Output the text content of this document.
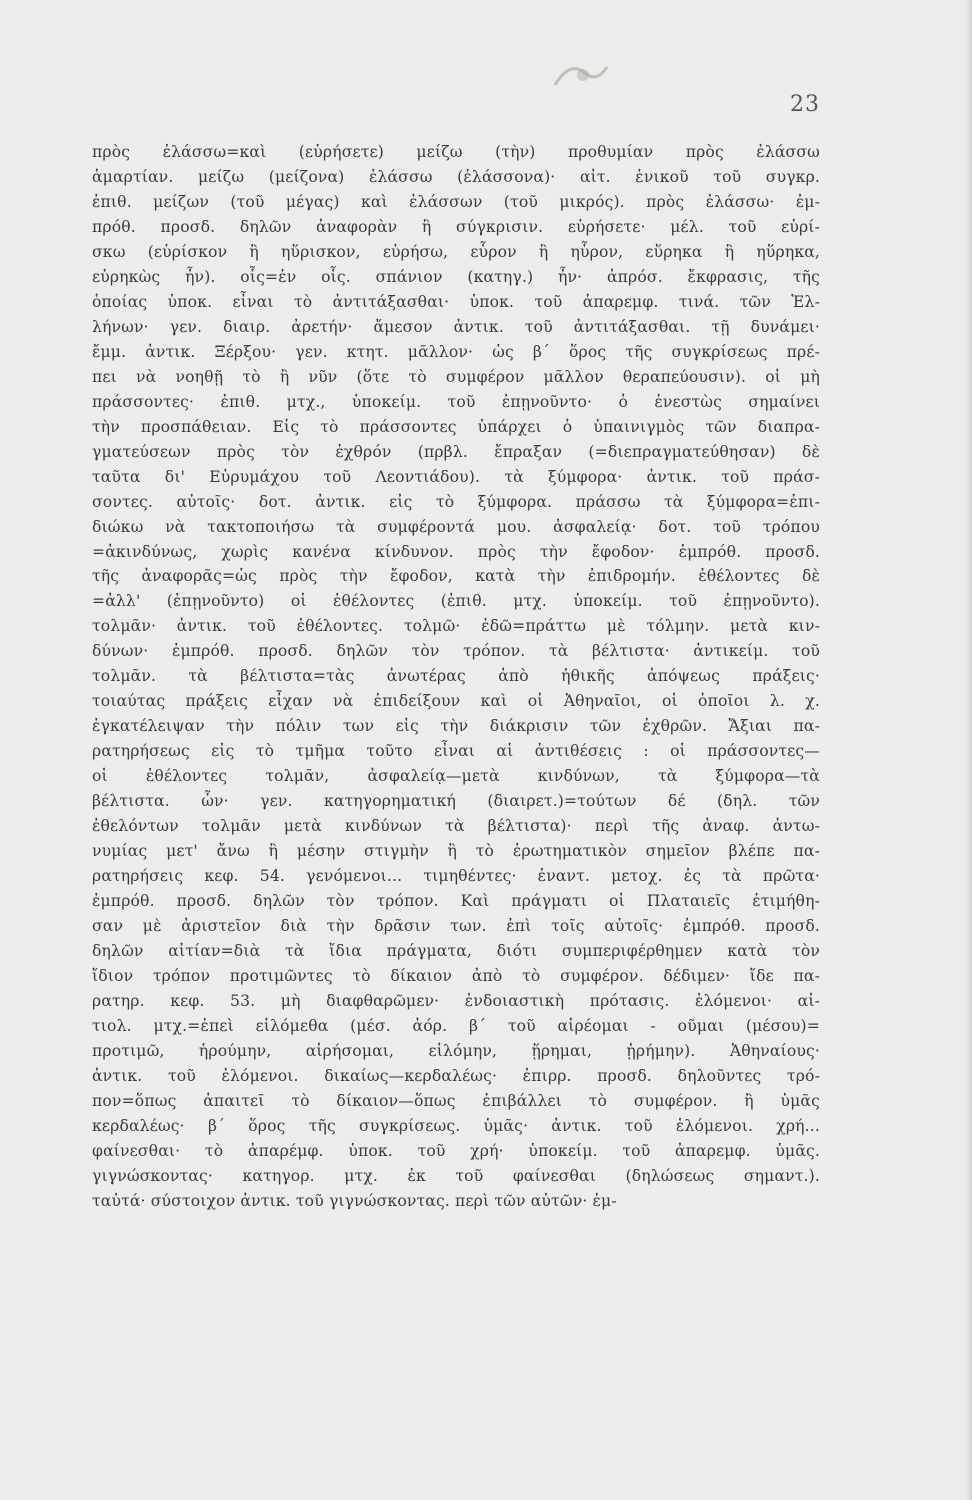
23
πρὸς ἐλάσσω=καὶ (εὑρήσετε) μείζω (τὴν) προθυμίαν πρὸς ἐλάσσω
ἁμαρτίαν. μείζω (μείζονα) ἐλάσσω (ἐλάσσονα)· αἰτ. ἑνικοῦ τοῦ συγκρ.
ἐπιθ. μείζων (τοῦ μέγας) καὶ ἐλάσσων (τοῦ μικρός). πρὸς ἐλάσσω· ἐμ-
πρόθ. προσδ. δηλῶν ἀναφορὰν ἢ σύγκρισιν. εὑρήσετε· μέλ. τοῦ εὑρί-
σκω (εὑρίσκον ἢ ηὕρισκον, εὑρήσω, εὗρον ἢ ηὗρον, εὕρηκα ἢ ηὕρηκα,
εὑρηκὼς ἦν). οἷς=ἐν οἷς. σπάνιον (κατηγ.) ἦν· ἀπρόσ. ἔκφρασις, τῆς
ὁποίας ὑποκ. εἶναι τὸ ἀντιτάξασθαι· ὑποκ. τοῦ ἀπαρεμφ. τινά. τῶν Ἑλ-
λήνων· γεν. διαιρ. ἀρετήν· ἄμεσον ἀντικ. τοῦ ἀντιτάξασθαι. τῇ δυνάμει·
ἔμμ. ἀντικ. Ξέρξου· γεν. κτητ. μᾶλλον· ὡς β΄ ὅρος τῆς συγκρίσεως πρέ-
πει νὰ νοηθῇ τὸ ἢ νῦν (ὅτε τὸ συμφέρον μᾶλλον θεραπεύουσιν). οἱ μὴ
πράσσοντες· ἐπιθ. μτχ., ὑποκείμ. τοῦ ἐπῃνοῦντο· ὁ ἐνεστὼς σημαίνει
τὴν προσπάθειαν. Εἰς τὸ πράσσοντες ὑπάρχει ὁ ὑπαινιγμὸς τῶν διαπρα-
γματεύσεων πρὸς τὸν ἐχθρόν (πρβλ. ἔπραξαν (=διεπραγματεύθησαν) δὲ
ταῦτα δι' Εὐρυμάχου τοῦ Λεοντιάδου). τὰ ξύμφορα· ἀντικ. τοῦ πράσ-
σοντες. αὐτοῖς· δοτ. ἀντικ. εἰς τὸ ξύμφορα. πράσσω τὰ ξύμφορα=ἐπι-
διώκω νὰ τακτοποιήσω τὰ συμφέροντά μου. ἀσφαλείᾳ· δοτ. τοῦ τρόπου
=ἀκινδύνως, χωρὶς κανένα κίνδυνον. πρὸς τὴν ἔφοδον· ἐμπρόθ. προσδ.
τῆς ἀναφορᾶς=ὡς πρὸς τὴν ἔφοδον, κατὰ τὴν ἐπιδρομήν. ἐθέλοντες δὲ
=ἀλλ' (ἐπῃνοῦντο) οἱ ἐθέλοντες (ἐπιθ. μτχ. ὑποκείμ. τοῦ ἐπῃνοῦντο).
τολμᾶν· ἀντικ. τοῦ ἐθέλοντες. τολμῶ· ἐδῶ=πράττω μὲ τόλμην. μετὰ κιν-
δύνων· ἐμπρόθ. προσδ. δηλῶν τὸν τρόπον. τὰ βέλτιστα· ἀντικείμ. τοῦ
τολμᾶν. τὰ βέλτιστα=τὰς ἀνωτέρας ἀπὸ ἠθικῆς ἀπόψεως πράξεις·
τοιαύτας πράξεις εἶχαν νὰ ἐπιδείξουν καὶ οἱ Ἀθηναῖοι, οἱ ὁποῖοι λ. χ.
ἐγκατέλειψαν τὴν πόλιν των εἰς τὴν διάκρισιν τῶν ἐχθρῶν. Ἄξιαι πα-
ρατηρήσεως εἰς τὸ τμῆμα τοῦτο εἶναι αἱ ἀντιθέσεις : οἱ πράσσοντες—
οἱ ἐθέλοντες τολμᾶν, ἀσφαλείᾳ—μετὰ κινδύνων, τὰ ξύμφορα—τὰ
βέλτιστα. ὧν· γεν. κατηγορηματική (διαιρετ.)=τούτων δέ (δηλ. τῶν
ἐθελόντων τολμᾶν μετὰ κινδύνων τὰ βέλτιστα)· περὶ τῆς ἀναφ. ἀντω-
νυμίας μετ' ἄνω ἢ μέσην στιγμὴν ἢ τὸ ἐρωτηματικὸν σημεῖον βλέπε πα-
ρατηρήσεις κεφ. 54. γενόμενοι... τιμηθέντες· ἐναντ. μετοχ. ἐς τὰ πρῶτα·
ἐμπρόθ. προσδ. δηλῶν τὸν τρόπον. Καὶ πράγματι οἱ Πλαταιεῖς ἐτιμήθη-
σαν μὲ ἀριστεῖον διὰ τὴν δρᾶσιν των. ἐπὶ τοῖς αὐτοῖς· ἐμπρόθ. προσδ.
δηλῶν αἰτίαν=διὰ τὰ ἴδια πράγματα, διότι συμπεριφέρθημεν κατὰ τὸν
ἴδιον τρόπον προτιμῶντες τὸ δίκαιον ἀπὸ τὸ συμφέρον. δέδιμεν· ἴδε πα-
ρατηρ. κεφ. 53. μὴ διαφθαρῶμεν· ἐνδοιαστικὴ πρότασις. ἑλόμενοι· αἰ-
τιολ. μτχ.=ἐπεὶ εἱλόμεθα (μέσ. ἀόρ. β΄ τοῦ αἱρέομαι - οῦμαι (μέσου)=
προτιμῶ, ἡρούμην, αἱρήσομαι, εἱλόμην, ᾕρημαι, ᾑρήμην). Ἀθηναίους·
ἀντικ. τοῦ ἑλόμενοι. δικαίως—κερδαλέως· ἐπιρρ. προσδ. δηλοῦντες τρό-
πον=ὅπως ἀπαιτεῖ τὸ δίκαιον—ὅπως ἐπιβάλλει τὸ συμφέρον. ἢ ὑμᾶς
κερδαλέως· β΄ ὅρος τῆς συγκρίσεως. ὑμᾶς· ἀντικ. τοῦ ἑλόμενοι. χρή...
φαίνεσθαι· τὸ ἀπαρέμφ. ὑποκ. τοῦ χρή· ὑποκείμ. τοῦ ἀπαρεμφ. ὑμᾶς.
γιγνώσκοντας· κατηγορ. μτχ. ἐκ τοῦ φαίνεσθαι (δηλώσεως σημαντ.).
ταὐτά· σύστοιχον ἀντικ. τοῦ γιγνώσκοντας. περὶ τῶν αὐτῶν· ἐμ-
